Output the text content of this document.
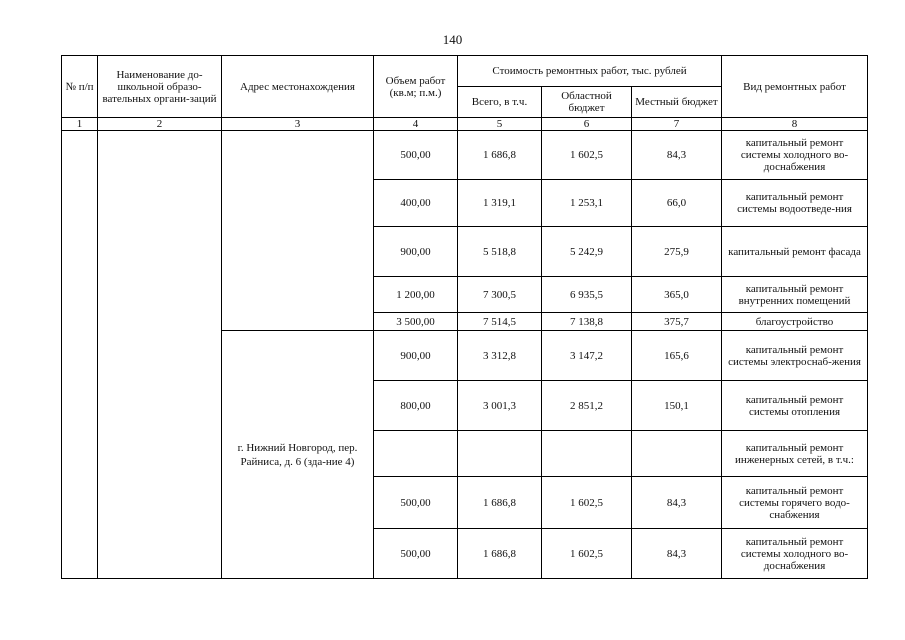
140
№ п/п	Наименование до-школьной образо-вательных органи-заций	Адрес местонахождения	Объем работ (кв.м; п.м.)	Стоимость ремонтных работ, тыс. рублей			Вид ремонтных работ
				Всего, в т.ч.	Областной бюджет	Местный бюджет	
1	2	3	4	5	6	7	8
			500,00	1 686,8	1 602,5	84,3	капитальный ремонт системы холодного во-доснабжения
			400,00	1 319,1	1 253,1	66,0	капитальный ремонт системы водоотведе-ния
			900,00	5 518,8	5 242,9	275,9	капитальный ремонт фасада
			1 200,00	7 300,5	6 935,5	365,0	капитальный ремонт внутренних помещений
			3 500,00	7 514,5	7 138,8	375,7	благоустройство
		г. Нижний Новгород, пер. Райниса, д. 6 (зда-ние 4)	900,00	3 312,8	3 147,2	165,6	капитальный ремонт системы электроснаб-жения
			800,00	3 001,3	2 851,2	150,1	капитальный ремонт системы отопления
							капитальный ремонт инженерных сетей, в т.ч.:
			500,00	1 686,8	1 602,5	84,3	капитальный ремонт системы горячего водо-снабжения
			500,00	1 686,8	1 602,5	84,3	капитальный ремонт системы холодного во-доснабжения
